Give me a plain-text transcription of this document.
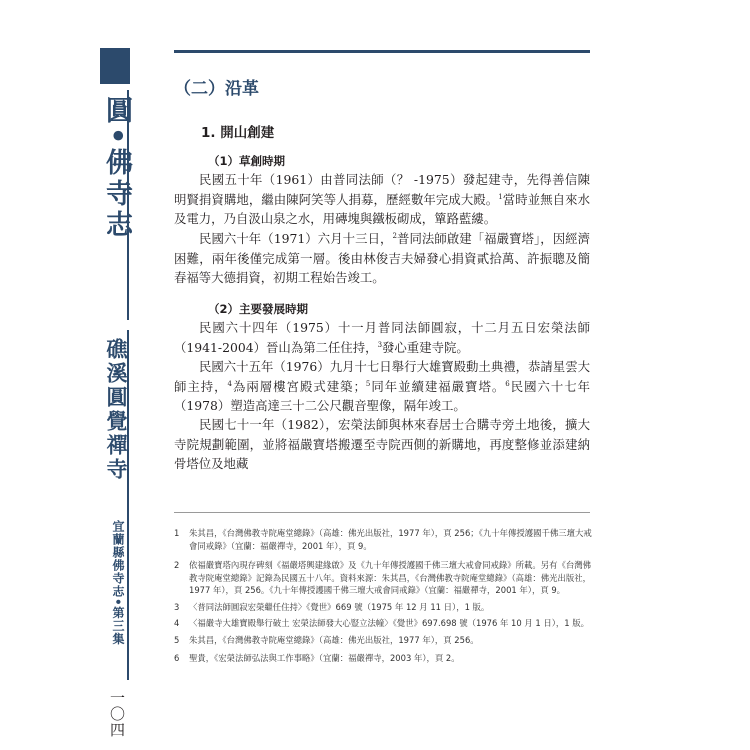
圓•佛寺志
礁溪圓覺禪寺
宜蘭縣佛寺志•第三集
一〇四
（二）沿革
1. 開山創建
（1）草創時期

民國五十年（1961）由普同法師（？ -1975）發起建寺，先得善信陳明賢捐資購地，繼由陳阿笑等人捐募，歷經數年完成大殿。$^1$當時並無自來水及電力，乃自汲山泉之水，用磚塊與鐵板砌成，簞路藍縷。

民國六十年（1971）六月十三日，$^2$普同法師啟建「福嚴寶塔」，因經濟困難，兩年後僅完成第一層。後由林俊吉夫婦發心捐資貳拾萬、許振聰及簡春福等大德捐資，初期工程始告竣工。

（2）主要發展時期

民國六十四年（1975）十一月普同法師圓寂，十二月五日宏榮法師（1941-2004）晉山為第二任住持，$^3$發心重建寺院。

民國六十五年（1976）九月十七日舉行大雄寶殿動土典禮，恭請星雲大師主持，$^4$為兩層樓宮殿式建築；$^5$同年並續建福嚴寶塔。$^6$民國六十七年（1978）塑造高達三十二公尺觀音聖像，隔年竣工。

民國七十一年（1982），宏榮法師與林來春居士合購寺旁土地後，擴大寺院規劃範圍，並將福嚴寶塔搬遷至寺院西側的新購地，再度整修並添建納骨塔位及地藏

1	朱其昌，《台灣佛教寺院庵堂總錄》（高雄：佛光出版社，1977 年），頁 256；《九十年傳授護國千佛三壇大戒會同戒錄》（宜蘭：福嚴禪寺，2001 年），頁 9。
2	依福嚴寶塔內現存碑刻《福嚴塔興建緣啟》及《九十年傳授護國千佛三壇大戒會同戒錄》所載。另有《台灣佛教寺院庵堂總錄》記錄為民國五十八年。資料來源：朱其昌，《台灣佛教寺院庵堂總錄》（高雄：佛光出版社，1977 年），頁 256。《九十年傳授護國千佛三壇大戒會同戒錄》（宜蘭：福嚴禪寺，2001 年），頁 9。
3	〈普同法師圓寂宏榮繼任住持〉《覺世》669 號（1975 年 12 月 11 日），1 版。
4	〈福嚴寺大雄寶殿舉行破土 宏榮法師發大心豎立法幢〉《覺世》697.698 號（1976 年 10 月 1 日），1 版。
5	朱其昌，《台灣佛教寺院庵堂總錄》（高雄：佛光出版社，1977 年），頁 256。
6	聖貴，《宏榮法師弘法與工作事略》（宜蘭：福嚴禪寺，2003 年），頁 2。
